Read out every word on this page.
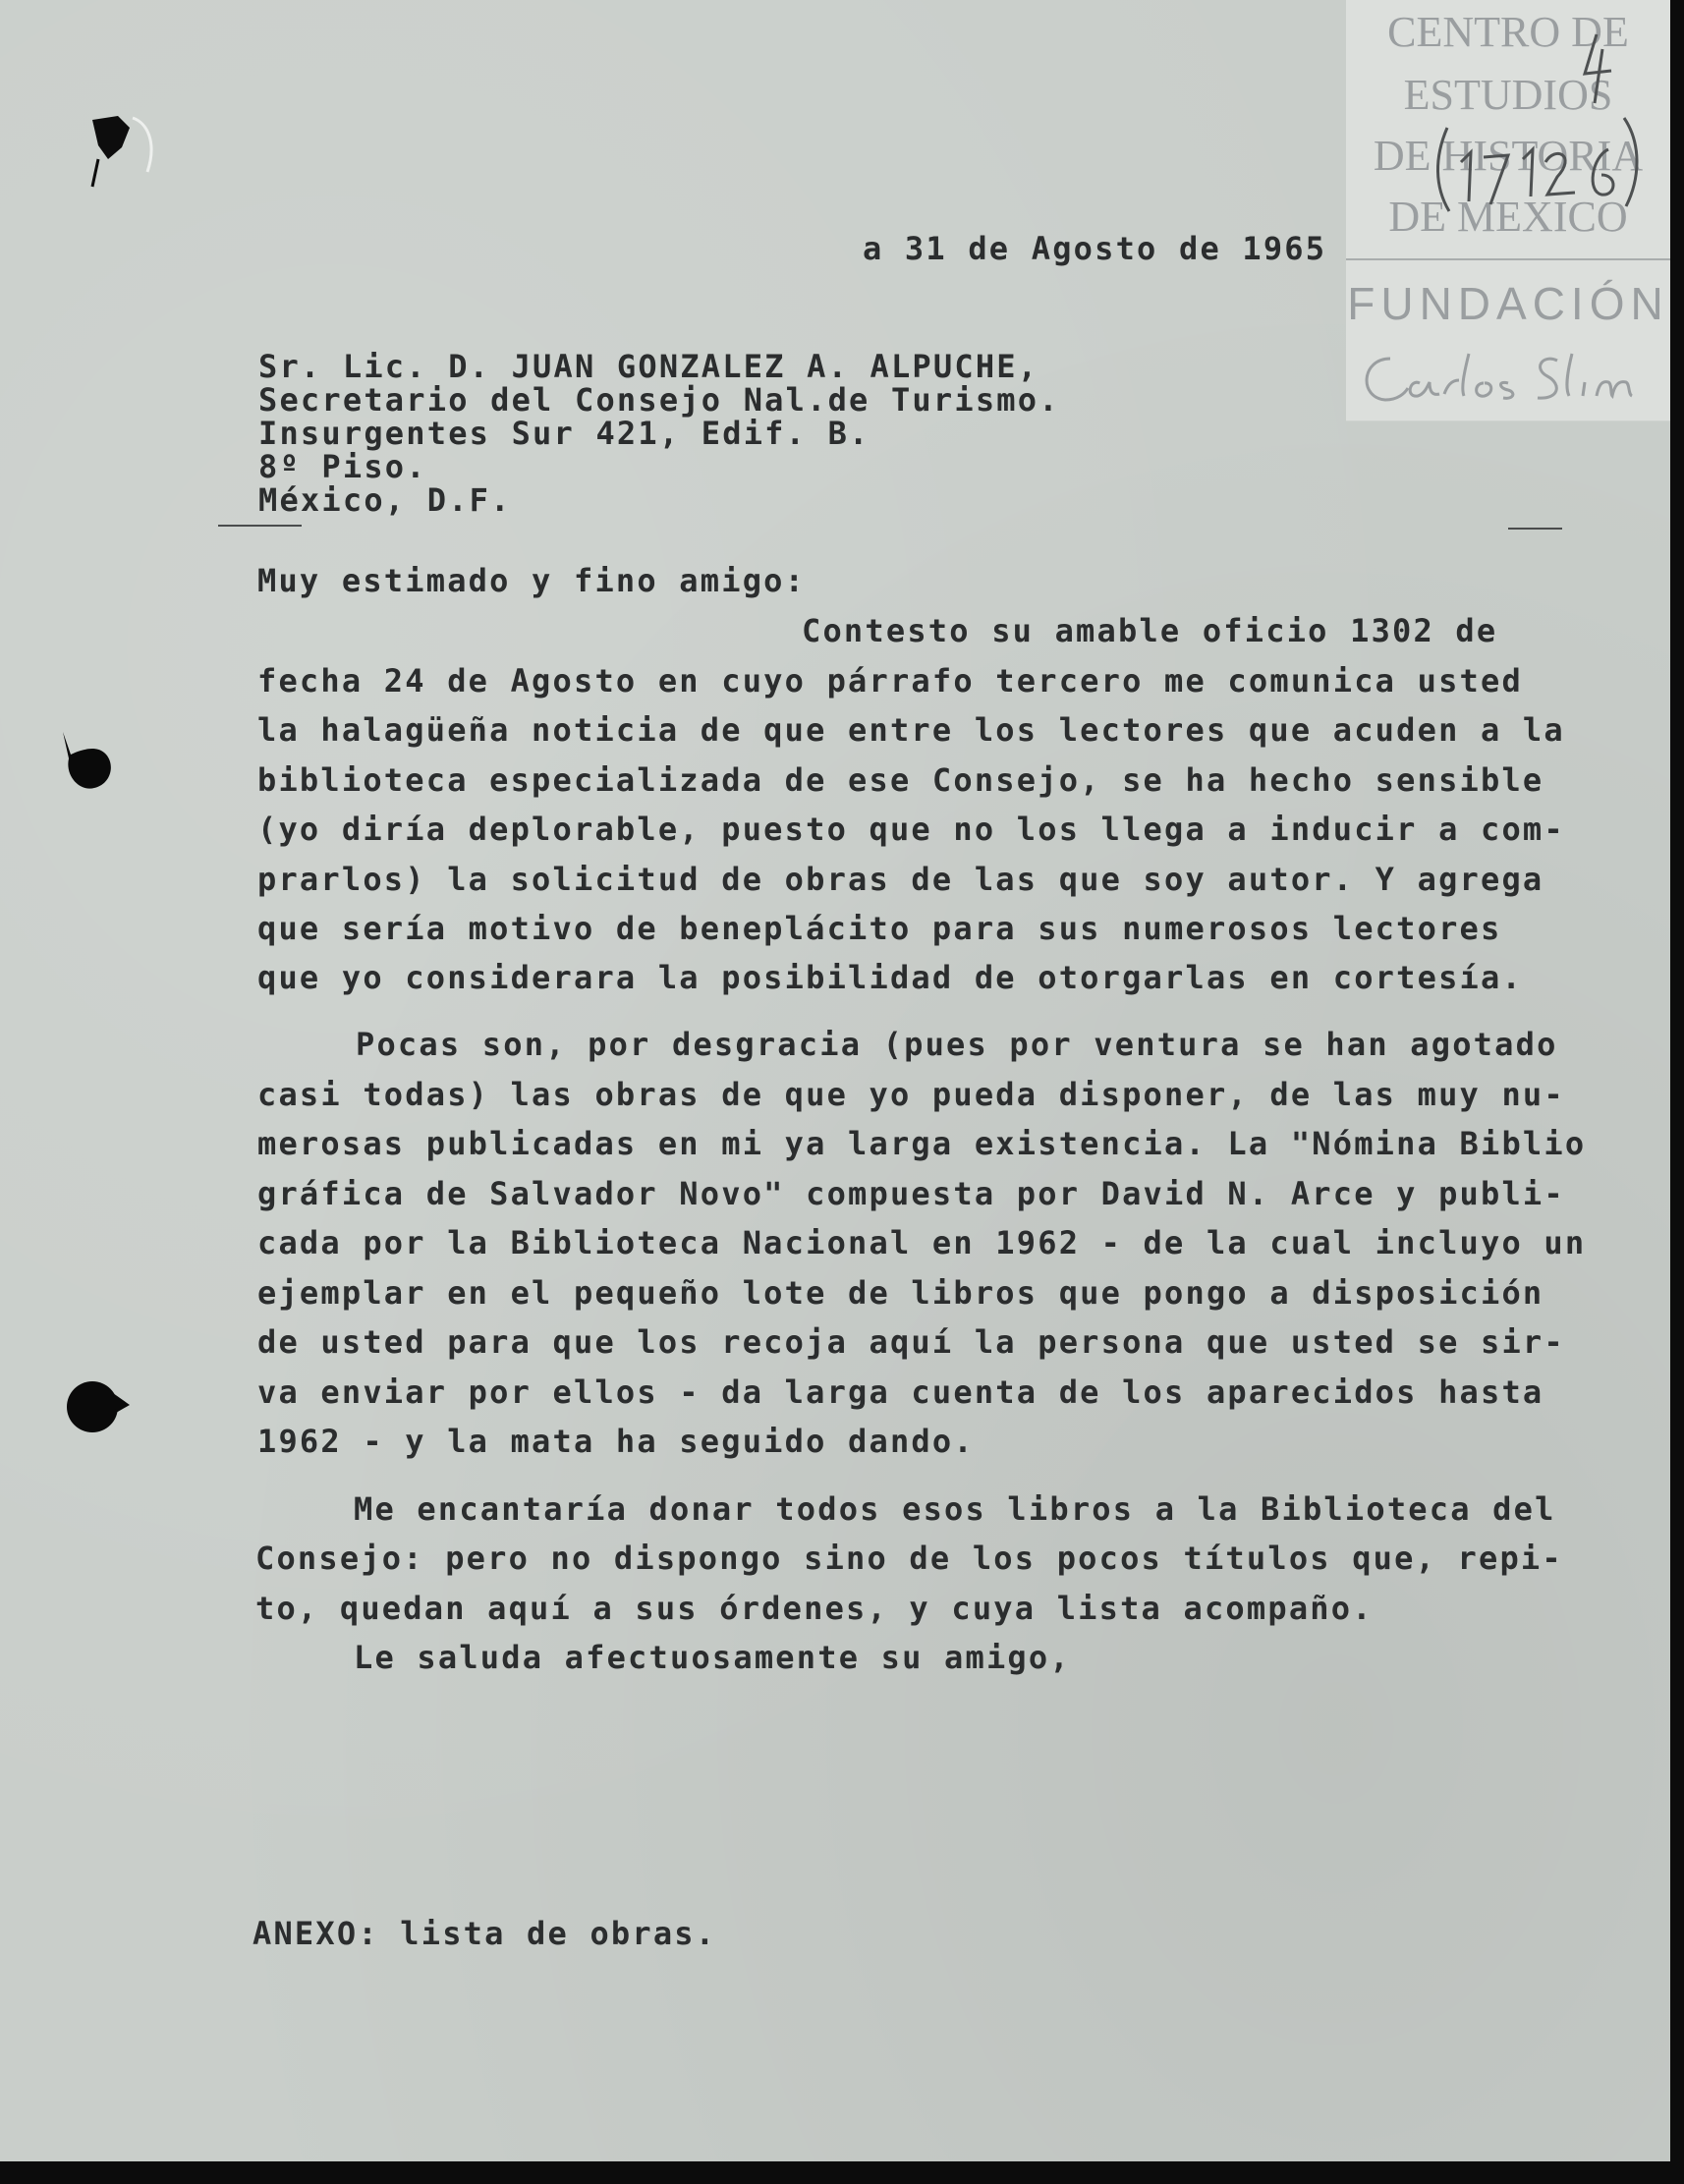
CENTRO DE
ESTUDIOS
DE HISTORIA
DE MEXICO
FUNDACIÓN
a 31 de Agosto de 1965
Sr. Lic. D. JUAN GONZALEZ A. ALPUCHE,
Secretario del Consejo Nal.de Turismo.
Insurgentes Sur 421, Edif. B.
8º Piso.
México, D.F.
Muy estimado y fino amigo:
Contesto su amable oficio 1302 de
fecha 24 de Agosto en cuyo párrafo tercero me comunica usted
la halagüeña noticia de que entre los lectores que acuden a la
biblioteca especializada de ese Consejo, se ha hecho sensible
(yo diría deplorable, puesto que no los llega a inducir a com-
prarlos) la solicitud de obras de las que soy autor. Y agrega
que sería motivo de beneplácito para sus numerosos lectores
que yo considerara la posibilidad de otorgarlas en cortesía.
Pocas son, por desgracia (pues por ventura se han agotado
casi todas) las obras de que yo pueda disponer, de las muy nu-
merosas publicadas en mi ya larga existencia. La "Nómina Biblio
gráfica de Salvador Novo" compuesta por David N. Arce y publi-
cada por la Biblioteca Nacional en 1962 - de la cual incluyo un
ejemplar en el pequeño lote de libros que pongo a disposición
de usted para que los recoja aquí la persona que usted se sir-
va enviar por ellos - da larga cuenta de los aparecidos hasta
1962 - y la mata ha seguido dando.
Me encantaría donar todos esos libros a la Biblioteca del
Consejo: pero no dispongo sino de los pocos títulos que, repi-
to, quedan aquí a sus órdenes, y cuya lista acompaño.
Le saluda afectuosamente su amigo,
ANEXO: lista de obras.
